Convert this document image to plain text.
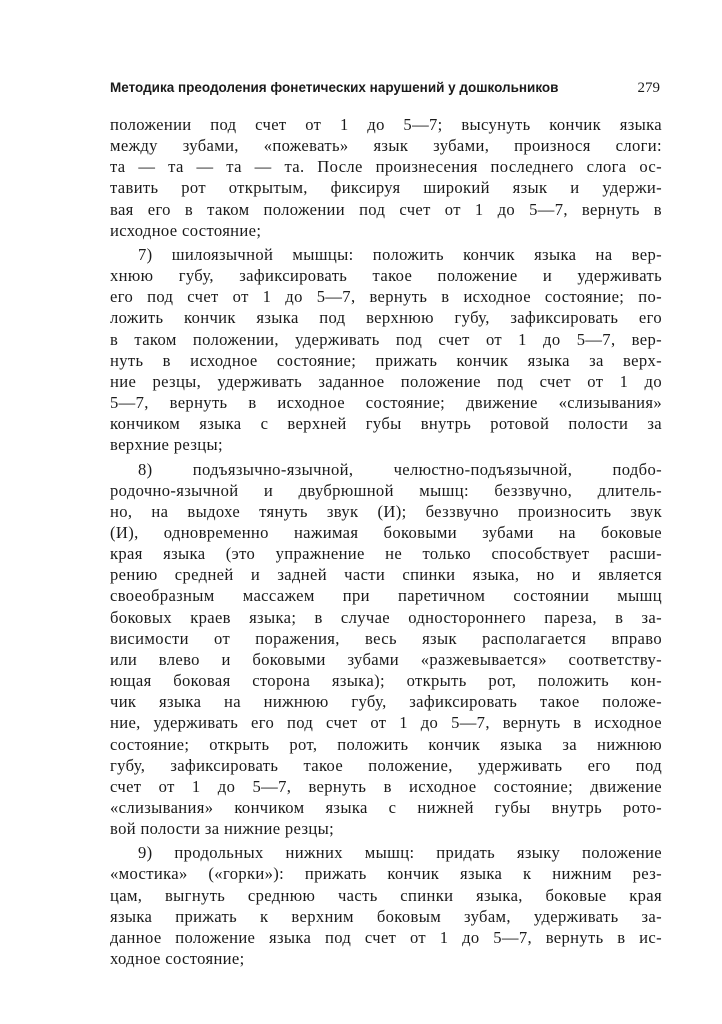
Методика преодоления фонетических нарушений у дошкольников	279
положении под счет от 1 до 5—7; высунуть кончик языка
между зубами, «пожевать» язык зубами, произнося слоги:
та — та — та — та. После произнесения последнего слога ос-
тавить рот открытым, фиксируя широкий язык и удержи-
вая его в таком положении под счет от 1 до 5—7, вернуть в
исходное состояние;
7) шилоязычной мышцы: положить кончик языка на вер-
хнюю губу, зафиксировать такое положение и удерживать
его под счет от 1 до 5—7, вернуть в исходное состояние; по-
ложить кончик языка под верхнюю губу, зафиксировать его
в таком положении, удерживать под счет от 1 до 5—7, вер-
нуть в исходное состояние; прижать кончик языка за верх-
ние резцы, удерживать заданное положение под счет от 1 до
5—7, вернуть в исходное состояние; движение «слизывания»
кончиком языка с верхней губы внутрь ротовой полости за
верхние резцы;
8) подъязычно-язычной, челюстно-подъязычной, подбо-
родочно-язычной и двубрюшной мышц: беззвучно, длитель-
но, на выдохе тянуть звук (И); беззвучно произносить звук
(И), одновременно нажимая боковыми зубами на боковые
края языка (это упражнение не только способствует расши-
рению средней и задней части спинки языка, но и является
своеобразным массажем при паретичном состоянии мышц
боковых краев языка; в случае одностороннего пареза, в за-
висимости от поражения, весь язык располагается вправо
или влево и боковыми зубами «разжевывается» соответству-
ющая боковая сторона языка); открыть рот, положить кон-
чик языка на нижнюю губу, зафиксировать такое положе-
ние, удерживать его под счет от 1 до 5—7, вернуть в исходное
состояние; открыть рот, положить кончик языка за нижнюю
губу, зафиксировать такое положение, удерживать его под
счет от 1 до 5—7, вернуть в исходное состояние; движение
«слизывания» кончиком языка с нижней губы внутрь рото-
вой полости за нижние резцы;
9) продольных нижних мышц: придать языку положение
«мостика» («горки»): прижать кончик языка к нижним рез-
цам, выгнуть среднюю часть спинки языка, боковые края
языка прижать к верхним боковым зубам, удерживать за-
данное положение языка под счет от 1 до 5—7, вернуть в ис-
ходное состояние;
